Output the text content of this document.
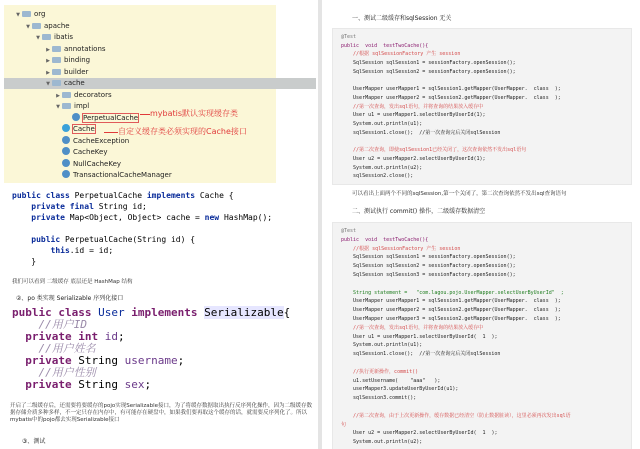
▼ org
▼ apache
▼ ibatis
▶ annotations
▶ binding
▶ builder
▼ cache
▶ decorators
▼ impl
PerpetualCache
Cache
CacheException
CacheKey
NullCacheKey
TransactionalCacheManager
mybatis默认实现缓存类
自定义缓存类必须实现的Cache接口
public class PerpetualCache implements Cache {
private final String id;
private Map<Object, Object> cache = new HashMap();

public PerpetualCache(String id) {
this.id = id;
}
我们可以看到 二级缓存 底层还是 HashMap 结构
②、po 类实现 Serializable 序列化接口
public class User implements Serializable{
//用户ID
private int id;
//用户姓名
private String username;
//用户性别
private String sex;
开启了二级缓存后，还需要将要缓存的pojo实现Serializable接口，为了将缓存数据取出执行反序列化操作，因为二级缓存数据存储介质多种多样，不一定只存在内存中，有可能存在硬盘中，如果我们要再取这个缓存的话，就需要反序列化了。所以mybatis中的pojo都去实现Serializable接口
③、测试
一、测试二级缓存和sqlSession 无关
@Test
public  void  testTwoCache(){
//根据 sqlSessionFactory 产生 session
SqlSession sqlSession1 = sessionFactory.openSession();
SqlSession sqlSession2 = sessionFactory.openSession();
UserMapper userMapper1 = sqlSession1.getMapper(UserMapper.  class  );
UserMapper userMapper2 = sqlSession2.getMapper(UserMapper.  class  );
//第一次查询，发出sql语句，并将查询的结果放入缓存中
User u1 = userMapper1.selectUserByUserId(1);
System.out.println(u1);
sqlSession1.close();  //第一次查询完后关闭sqlSession
//第二次查询，即使sqlSession1已经关闭了，这次查询依然不发出sql语句
User u2 = userMapper2.selectUserByUserId(1);
System.out.println(u2);
sqlSession2.close();
可以看出上面两个不同的sqlSession,第一个关闭了，第二次查询依然不发出sql查询语句
二、测试执行 commit() 操作，二级缓存数据清空
@Test
public  void  testTwoCache(){
//根据 sqlSessionFactory 产生 session
SqlSession sqlSession1 = sessionFactory.openSession();
SqlSession sqlSession2 = sessionFactory.openSession();
SqlSession sqlSession3 = sessionFactory.openSession();
String statement =   "com.lagou.pojo.UserMapper.selectUserByUserId"  ;
UserMapper userMapper1 = sqlSession1.getMapper(UserMapper.  class  );
UserMapper userMapper2 = sqlSession2.getMapper(UserMapper.  class  );
UserMapper userMapper3 = sqlSession2.getMapper(UserMapper.  class  );
//第一次查询，发出sql语句，并将查询的结果放入缓存中
User u1 = userMapper1.selectUserByUserId(  1  );
System.out.println(u1);
sqlSession1.close();  //第一次查询完后关闭sqlSession
//执行更新操作，commit()
u1.setUsername(    "aaa"   );
userMapper3.updateUserByUserId(u1);
sqlSession3.commit();
//第二次查询，由于上次更新操作，缓存数据已经清空（防止数据脏读），这里必须再次发出sql语
句
User u2 = userMapper2.selectUserByUserId(  1  );
System.out.println(u2);
